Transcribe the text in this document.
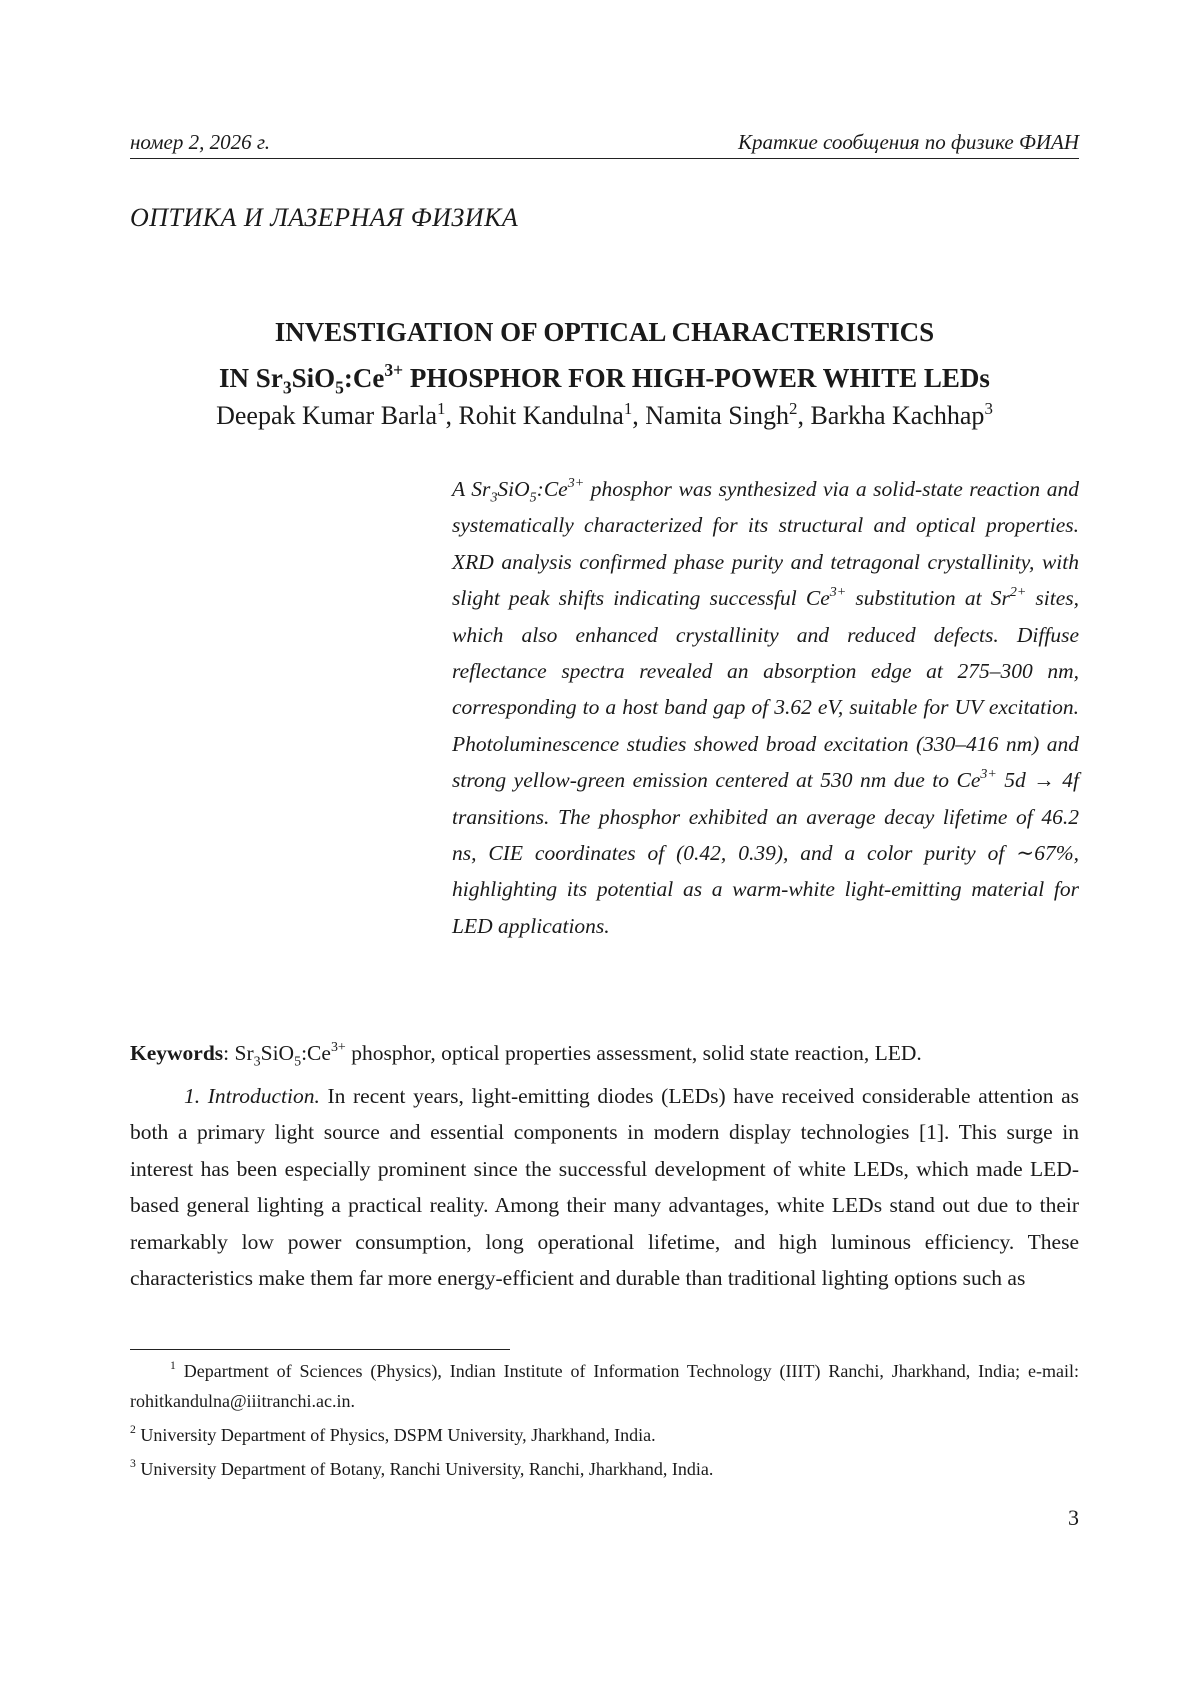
номер 2, 2026 г.	Краткие сообщения по физике ФИАН
ОПТИКА И ЛАЗЕРНАЯ ФИЗИКА
INVESTIGATION OF OPTICAL CHARACTERISTICS
IN $Sr_3SiO_5:Ce^{3+}$ PHOSPHOR FOR HIGH-POWER WHITE LEDs
Deepak Kumar Barla$^1$, Rohit Kandulna$^1$, Namita Singh$^2$, Barkha Kachhap$^3$

A $Sr_3SiO_5:Ce^{3+}$ phosphor was synthesized via a solid-state reaction and systematically characterized for its structural and optical properties. XRD analysis confirmed phase purity and tetragonal crystallinity, with slight peak shifts indicating successful $Ce^{3+}$ substitution at $Sr^{2+}$ sites, which also enhanced crystallinity and reduced defects. Diffuse reflectance spectra revealed an absorption edge at 275–300 nm, corresponding to a host band gap of 3.62 eV, suitable for UV excitation. Photoluminescence studies showed broad excitation (330–416 nm) and strong yellow-green emission centered at 530 nm due to $Ce^{3+}$ 5d → 4f transitions. The phosphor exhibited an average decay lifetime of 46.2 ns, CIE coordinates of (0.42, 0.39), and a color purity of ∼67%, highlighting its potential as a warm-white light-emitting material for LED applications.

Keywords: $Sr_3SiO_5:Ce^{3+}$ phosphor, optical properties assessment, solid state reaction, LED.

1. Introduction. In recent years, light-emitting diodes (LEDs) have received considerable attention as both a primary light source and essential components in modern display technologies [1]. This surge in interest has been especially prominent since the successful development of white LEDs, which made LED-based general lighting a practical reality. Among their many advantages, white LEDs stand out due to their remarkably low power consumption, long operational lifetime, and high luminous efficiency. These characteristics make them far more energy-efficient and durable than traditional lighting options such as

$^1$ Department of Sciences (Physics), Indian Institute of Information Technology (IIIT) Ranchi, Jharkhand, India; e-mail: rohitkandulna@iiitranchi.ac.in.
$^2$ University Department of Physics, DSPM University, Jharkhand, India.
$^3$ University Department of Botany, Ranchi University, Ranchi, Jharkhand, India.
3
